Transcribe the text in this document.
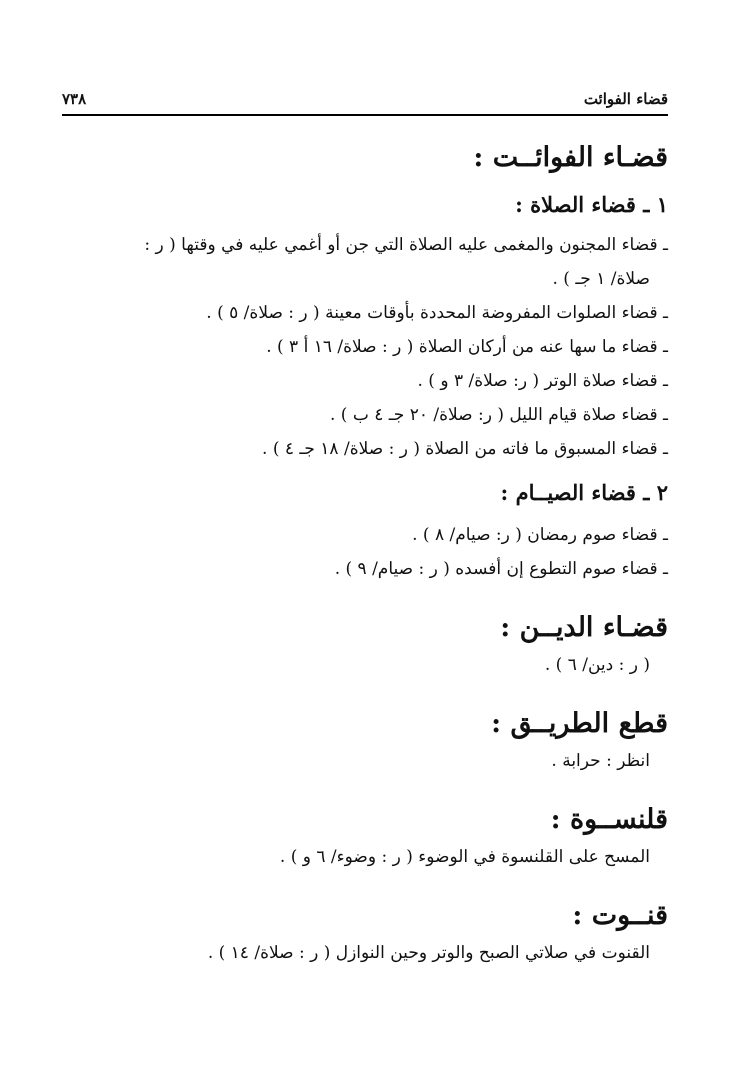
قضاء الفوائت
٧٣٨

قضـاء الفوائــت :

١ ـ قضاء الصلاة :

ـ قضاء المجنون والمغمى عليه الصلاة التي جن أو أغمي عليه في وقتها ( ر :

صلاة/ ١ جـ ) .

ـ قضاء الصلوات المفروضة المحددة بأوقات معينة ( ر : صلاة/ ٥ ) .

ـ قضاء ما سها عنه من أركان الصلاة ( ر : صلاة/ ١٦ أ ٣ ) .

ـ قضاء صلاة الوتر ( ر: صلاة/ ٣ و ) .

ـ قضاء صلاة قيام الليل ( ر: صلاة/ ٢٠ جـ ٤ ب ) .

ـ قضاء المسبوق ما فاته من الصلاة ( ر : صلاة/ ١٨ جـ ٤ ) .

٢ ـ قضاء الصيــام :

ـ قضاء صوم رمضان ( ر: صيام/ ٨ ) .

ـ قضاء صوم التطوع إن أفسده ( ر : صيام/ ٩ ) .

قضـاء الديــن :

( ر : دين/ ٦ ) .

قطع الطريــق :

انظر : حرابة .

قلنســوة :

المسح على القلنسوة في الوضوء ( ر : وضوء/ ٦ و ) .

قنــوت :

القنوت في صلاتي الصبح والوتر وحين النوازل ( ر : صلاة/ ١٤ ) .
